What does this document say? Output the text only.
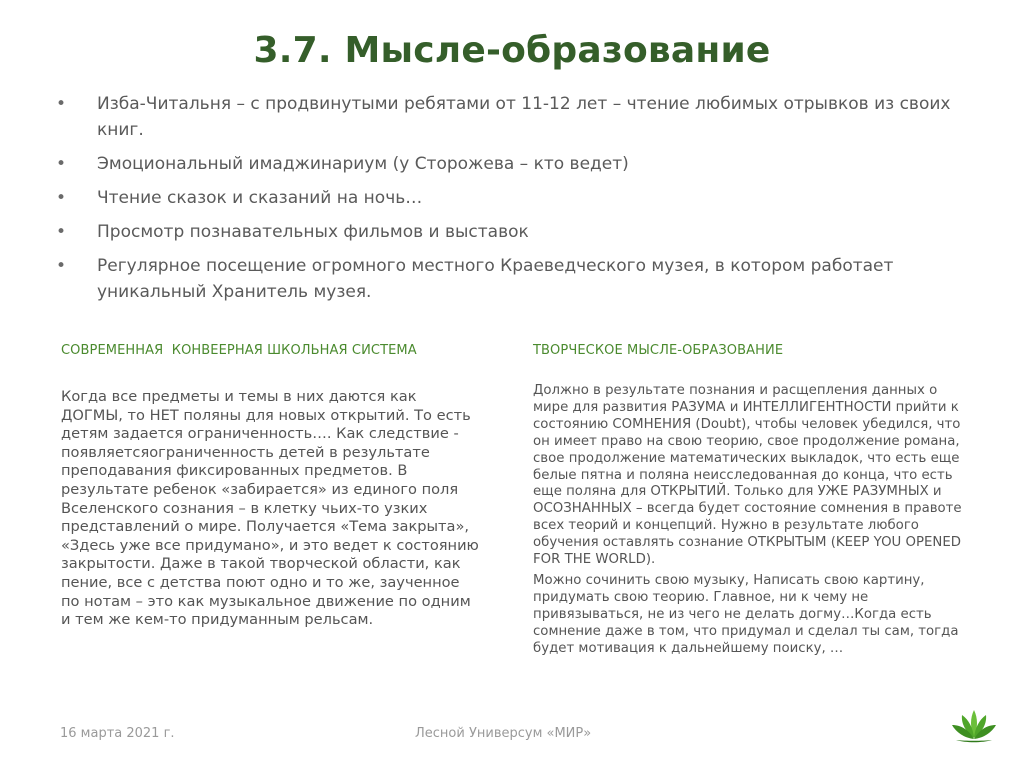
3.7. Мысле-образование
• Изба-Читальня – с продвинутыми ребятами от 11-12 лет – чтение любимых отрывков из своих книг.
• Эмоциональный имаджинариум (у Сторожева – кто ведет)
• Чтение сказок и сказаний на ночь…
• Просмотр познавательных фильмов и выставок
• Регулярное посещение огромного местного Краеведческого музея, в котором работает уникальный Хранитель музея.
СОВРЕМЕННАЯ  КОНВЕЕРНАЯ ШКОЛЬНАЯ СИСТЕМА

Когда все предметы и темы в них даются как ДОГМЫ, то НЕТ поляны для новых открытий. То есть детям задается ограниченность…. Как следствие - появляетсяограниченность детей в результате преподавания фиксированных предметов. В результате ребенок «забирается» из единого поля Вселенского сознания – в клетку чьих-то узких представлений о мире. Получается «Тема закрыта», «Здесь уже все придумано», и это ведет к состоянию закрытости. Даже в такой творческой области, как пение, все с детства поют одно и то же, заученное по нотам – это как музыкальное движение по одним и тем же кем-то придуманным рельсам.

ТВОРЧЕСКОЕ МЫСЛЕ-ОБРАЗОВАНИЕ

Должно в результате познания и расщепления данных о мире для развития РАЗУМА и ИНТЕЛЛИГЕНТНОСТИ прийти к состоянию СОМНЕНИЯ (Doubt), чтобы человек убедился, что он имеет право на свою теорию, свое продолжение романа, свое продолжение математических выкладок, что есть еще белые пятна и поляна неисследованная до конца, что есть еще поляна для ОТКРЫТИЙ. Только для УЖЕ РАЗУМНЫХ и ОСОЗНАННЫХ – всегда будет состояние сомнения в правоте всех теорий и концепций. Нужно в результате любого обучения оставлять сознание ОТКРЫТЫМ (KEEP YOU OPENED FOR THE WORLD).

Можно сочинить свою музыку, Написать свою картину, придумать свою теорию. Главное, ни к чему не привязываться, не из чего не делать догму…Когда есть сомнение даже в том, что придумал и сделал ты сам, тогда будет мотивация к дальнейшему поиску, …

16 марта 2021 г.	Лесной Универсум «МИР»
